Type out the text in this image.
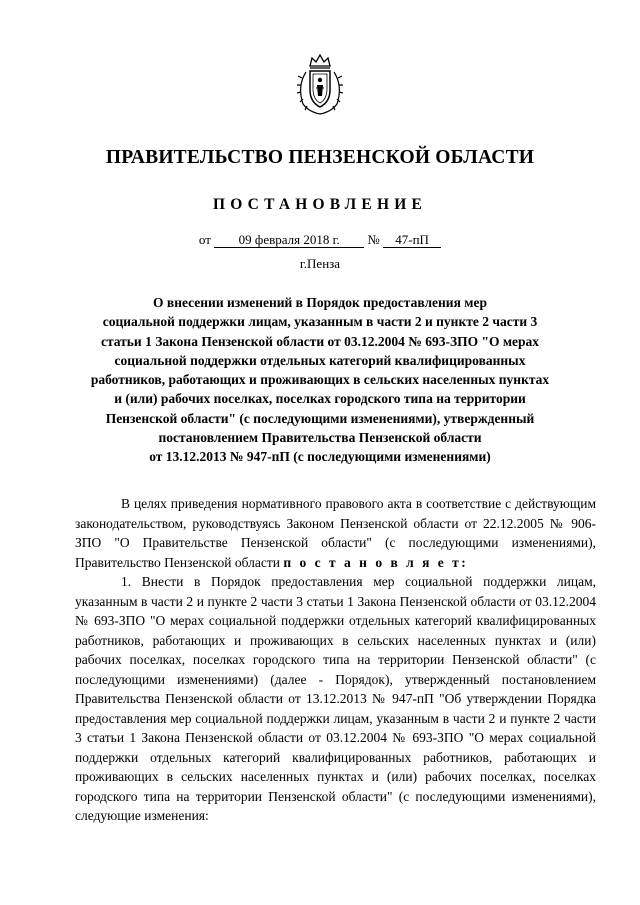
ПРАВИТЕЛЬСТВО ПЕНЗЕНСКОЙ ОБЛАСТИ
ПОСТАНОВЛЕНИЕ
от 09 февраля 2018 г. № 47-пП
г.Пенза
О внесении изменений в Порядок предоставления мер
социальной поддержки лицам, указанным в части 2 и пункте 2 части 3
статьи 1 Закона Пензенской области от 03.12.2004 № 693-ЗПО "О мерах
социальной поддержки отдельных категорий квалифицированных
работников, работающих и проживающих в сельских населенных пунктах
и (или) рабочих поселках, поселках городского типа на территории
Пензенской области" (с последующими изменениями), утвержденный
постановлением Правительства Пензенской области
от 13.12.2013 № 947-пП (с последующими изменениями)

В целях приведения нормативного правового акта в соответствие с действующим законодательством, руководствуясь Законом Пензенской области от 22.12.2005 № 906-ЗПО "О Правительстве Пензенской области" (с последующими изменениями), Правительство Пензенской области п о с т а н о в л я е т:

1. Внести в Порядок предоставления мер социальной поддержки лицам, указанным в части 2 и пункте 2 части 3 статьи 1 Закона Пензенской области от 03.12.2004 № 693-ЗПО "О мерах социальной поддержки отдельных категорий квалифицированных работников, работающих и проживающих в сельских населенных пунктах и (или) рабочих поселках, поселках городского типа на территории Пензенской области" (с последующими изменениями) (далее - Порядок), утвержденный постановлением Правительства Пензенской области от 13.12.2013 № 947-пП "Об утверждении Порядка предоставления мер социальной поддержки лицам, указанным в части 2 и пункте 2 части 3 статьи 1 Закона Пензенской области от 03.12.2004 № 693-ЗПО "О мерах социальной поддержки отдельных категорий квалифицированных работников, работающих и проживающих в сельских населенных пунктах и (или) рабочих поселках, поселках городского типа на территории Пензенской области" (с последующими изменениями), следующие изменения:
